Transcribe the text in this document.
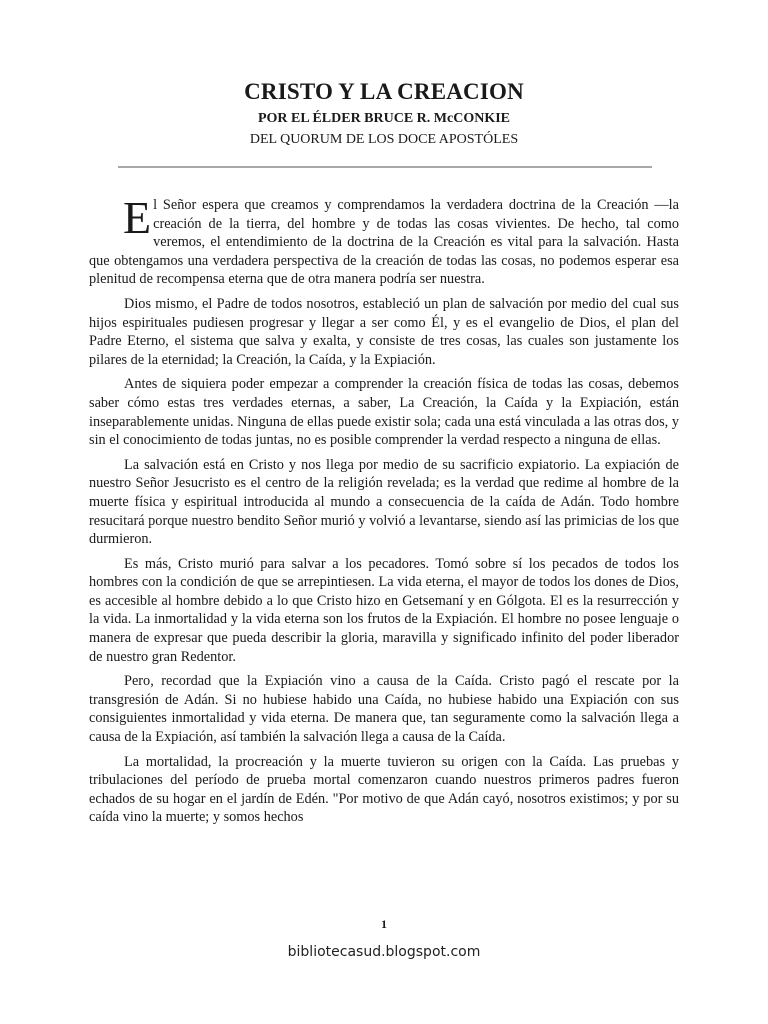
CRISTO Y LA CREACION
POR EL ÉLDER BRUCE R. McCONKIE
DEL QUORUM DE LOS DOCE APOSTÓLES

El Señor espera que creamos y comprendamos la verdadera doctrina de la Creación —la creación de la tierra, del hombre y de todas las cosas vivientes. De hecho, tal como veremos, el entendimiento de la doctrina de la Creación es vital para la salvación. Hasta que obtengamos una verdadera perspectiva de la creación de todas las cosas, no podemos esperar esa plenitud de recompensa eterna que de otra manera podría ser nuestra.

Dios mismo, el Padre de todos nosotros, estableció un plan de salvación por medio del cual sus hijos espirituales pudiesen progresar y llegar a ser como Él, y es el evangelio de Dios, el plan del Padre Eterno, el sistema que salva y exalta, y consiste de tres cosas, las cuales son justamente los pilares de la eternidad; la Creación, la Caída, y la Expiación.

Antes de siquiera poder empezar a comprender la creación física de todas las cosas, debemos saber cómo estas tres verdades eternas, a saber, La Creación, la Caída y la Expiación, están inseparablemente unidas. Ninguna de ellas puede existir sola; cada una está vinculada a las otras dos, y sin el conocimiento de todas juntas, no es posible comprender la verdad respecto a ninguna de ellas.

La salvación está en Cristo y nos llega por medio de su sacrificio expiatorio. La expiación de nuestro Señor Jesucristo es el centro de la religión revelada; es la verdad que redime al hombre de la muerte física y espiritual introducida al mundo a consecuencia de la caída de Adán. Todo hombre resucitará porque nuestro bendito Señor murió y volvió a levantarse, siendo así las primicias de los que durmieron.

Es más, Cristo murió para salvar a los pecadores. Tomó sobre sí los pecados de todos los hombres con la condición de que se arrepintiesen. La vida eterna, el mayor de todos los dones de Dios, es accesible al hombre debido a lo que Cristo hizo en Getsemaní y en Gólgota. El es la resurrección y la vida. La inmortalidad y la vida eterna son los frutos de la Expiación. El hombre no posee lenguaje o manera de expresar que pueda describir la gloria, maravilla y significado infinito del poder liberador de nuestro gran Redentor.

Pero, recordad que la Expiación vino a causa de la Caída. Cristo pagó el rescate por la transgresión de Adán. Si no hubiese habido una Caída, no hubiese habido una Expiación con sus consiguientes inmortalidad y vida eterna. De manera que, tan seguramente como la salvación llega a causa de la Expiación, así también la salvación llega a causa de la Caída.

La mortalidad, la procreación y la muerte tuvieron su origen con la Caída. Las pruebas y tribulaciones del período de prueba mortal comenzaron cuando nuestros primeros padres fueron echados de su hogar en el jardín de Edén. "Por motivo de que Adán cayó, nosotros existimos; y por su caída vino la muerte; y somos hechos

1
bibliotecasud.blogspot.com
